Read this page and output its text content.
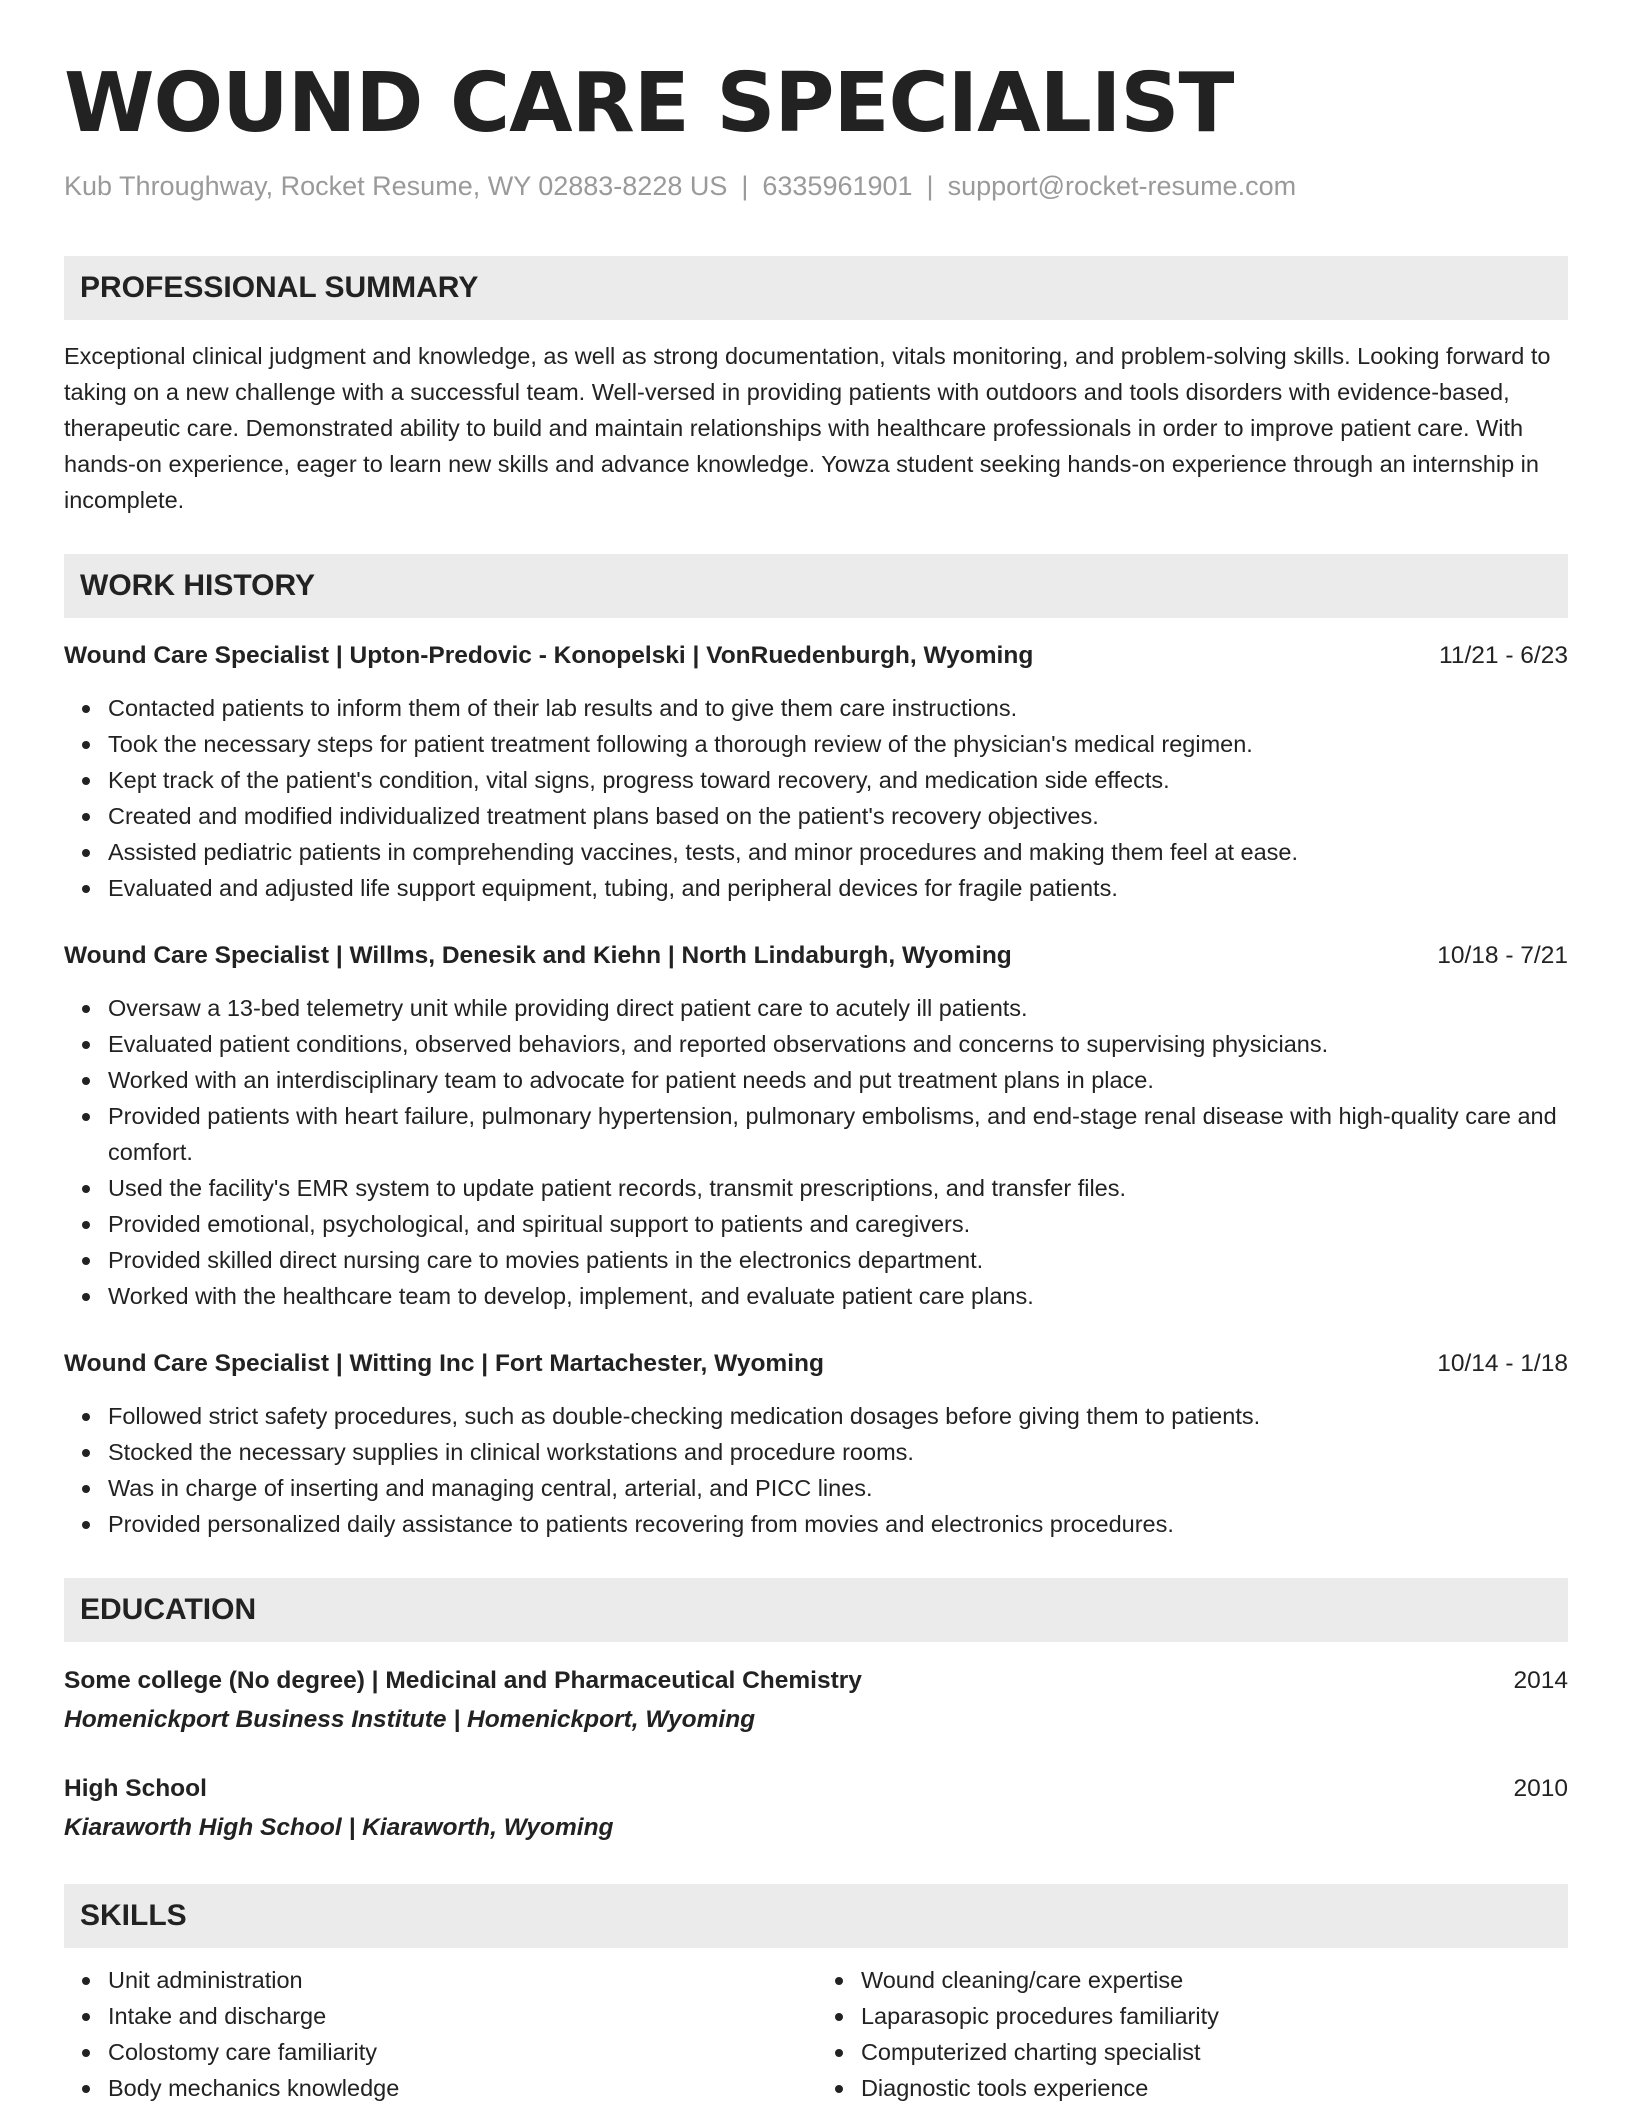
WOUND CARE SPECIALIST
Kub Throughway, Rocket Resume, WY 02883-8228 US | 6335961901 | support@rocket-resume.com
PROFESSIONAL SUMMARY
Exceptional clinical judgment and knowledge, as well as strong documentation, vitals monitoring, and problem-solving skills. Looking forward to taking on a new challenge with a successful team. Well-versed in providing patients with outdoors and tools disorders with evidence-based, therapeutic care. Demonstrated ability to build and maintain relationships with healthcare professionals in order to improve patient care. With hands-on experience, eager to learn new skills and advance knowledge. Yowza student seeking hands-on experience through an internship in incomplete.
WORK HISTORY
Wound Care Specialist | Upton-Predovic - Konopelski | VonRuedenburgh, Wyoming	11/21 - 6/23
Contacted patients to inform them of their lab results and to give them care instructions.
Took the necessary steps for patient treatment following a thorough review of the physician's medical regimen.
Kept track of the patient's condition, vital signs, progress toward recovery, and medication side effects.
Created and modified individualized treatment plans based on the patient's recovery objectives.
Assisted pediatric patients in comprehending vaccines, tests, and minor procedures and making them feel at ease.
Evaluated and adjusted life support equipment, tubing, and peripheral devices for fragile patients.
Wound Care Specialist | Willms, Denesik and Kiehn | North Lindaburgh, Wyoming	10/18 - 7/21
Oversaw a 13-bed telemetry unit while providing direct patient care to acutely ill patients.
Evaluated patient conditions, observed behaviors, and reported observations and concerns to supervising physicians.
Worked with an interdisciplinary team to advocate for patient needs and put treatment plans in place.
Provided patients with heart failure, pulmonary hypertension, pulmonary embolisms, and end-stage renal disease with high-quality care and comfort.
Used the facility's EMR system to update patient records, transmit prescriptions, and transfer files.
Provided emotional, psychological, and spiritual support to patients and caregivers.
Provided skilled direct nursing care to movies patients in the electronics department.
Worked with the healthcare team to develop, implement, and evaluate patient care plans.
Wound Care Specialist | Witting Inc | Fort Martachester, Wyoming	10/14 - 1/18
Followed strict safety procedures, such as double-checking medication dosages before giving them to patients.
Stocked the necessary supplies in clinical workstations and procedure rooms.
Was in charge of inserting and managing central, arterial, and PICC lines.
Provided personalized daily assistance to patients recovering from movies and electronics procedures.
EDUCATION
Some college (No degree) | Medicinal and Pharmaceutical Chemistry	2014
Homenickport Business Institute | Homenickport, Wyoming
High School	2010
Kiaraworth High School | Kiaraworth, Wyoming
SKILLS
Unit administration
Intake and discharge
Colostomy care familiarity
Body mechanics knowledge
Wound cleaning/care expertise
Laparasopic procedures familiarity
Computerized charting specialist
Diagnostic tools experience
